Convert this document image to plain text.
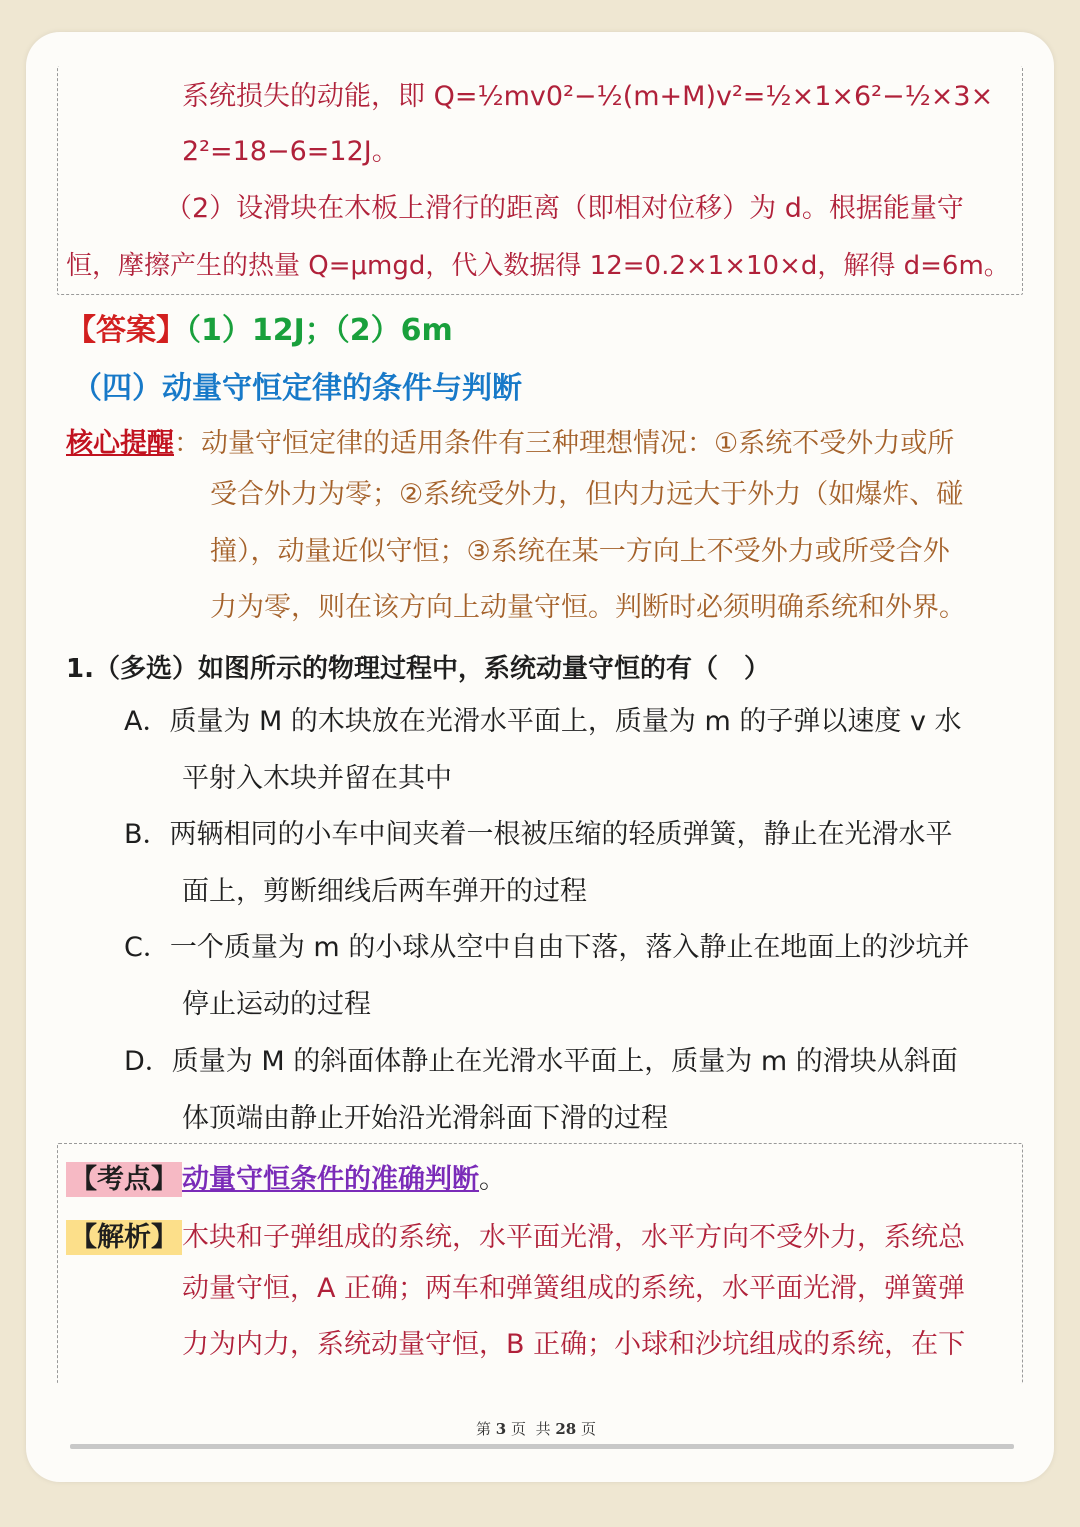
系统损失的动能，即 Q=½mv0²−½(m+M)v²=½×1×6²−½×3×
2²=18−6=12J。
（2）设滑块在木板上滑行的距离（即相对位移）为 d。根据能量守
恒，摩擦产生的热量 Q=μmgd，代入数据得 12=0.2×1×10×d，解得 d=6m。
【答案】（1）12J；（2）6m
（四）动量守恒定律的条件与判断
核心提醒：动量守恒定律的适用条件有三种理想情况：①系统不受外力或所
受合外力为零；②系统受外力，但内力远大于外力（如爆炸、碰
撞），动量近似守恒；③系统在某一方向上不受外力或所受合外
力为零，则在该方向上动量守恒。判断时必须明确系统和外界。
1.（多选）如图所示的物理过程中，系统动量守恒的有（　）
A．质量为 M 的木块放在光滑水平面上，质量为 m 的子弹以速度 v 水
平射入木块并留在其中
B．两辆相同的小车中间夹着一根被压缩的轻质弹簧，静止在光滑水平
面上，剪断细线后两车弹开的过程
C．一个质量为 m 的小球从空中自由下落，落入静止在地面上的沙坑并
停止运动的过程
D．质量为 M 的斜面体静止在光滑水平面上，质量为 m 的滑块从斜面
体顶端由静止开始沿光滑斜面下滑的过程
【考点】 动量守恒条件的准确判断。
【解析】 木块和子弹组成的系统，水平面光滑，水平方向不受外力，系统总
动量守恒，A 正确；两车和弹簧组成的系统，水平面光滑，弹簧弹
力为内力，系统动量守恒，B 正确；小球和沙坑组成的系统，在下
第 3 页 共 28 页
